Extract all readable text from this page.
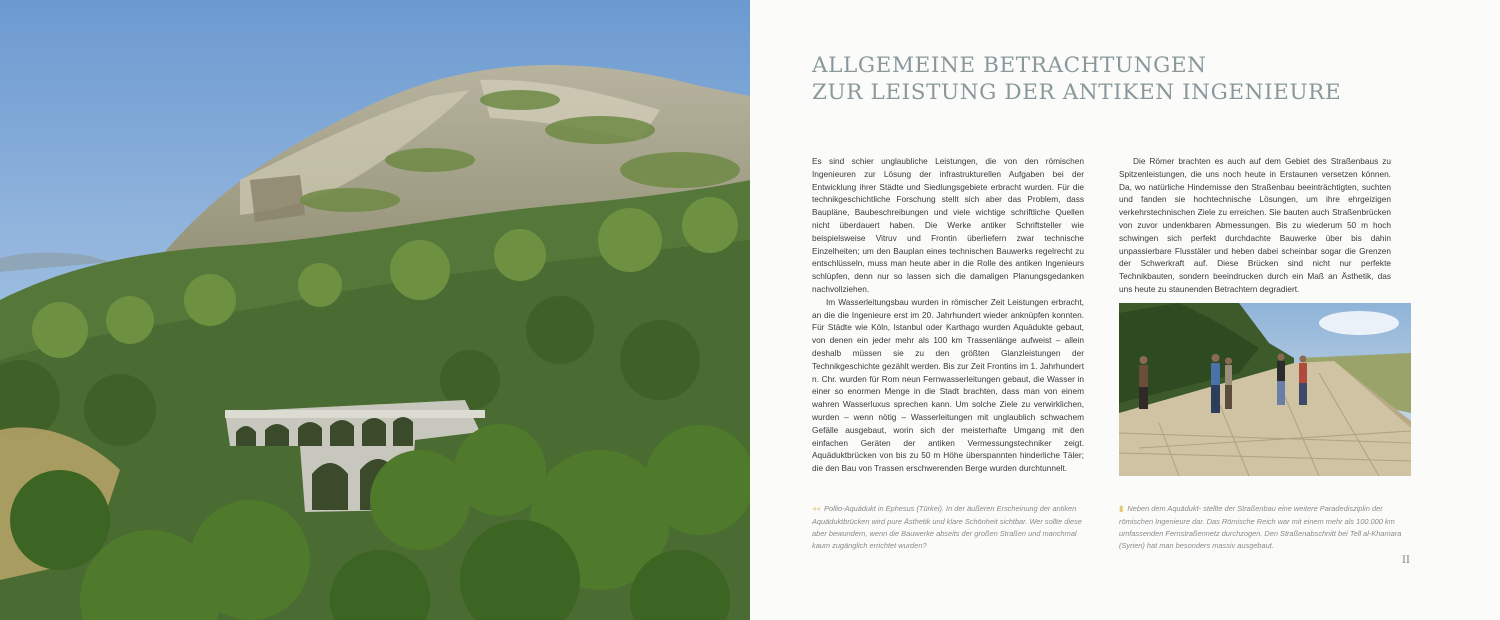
ALLGEMEINE BETRACHTUNGEN
ZUR LEISTUNG DER ANTIKEN INGENIEURE

Es sind schier unglaubliche Leistungen, die von den römischen Ingenieuren zur Lösung der infrastrukturellen Aufgaben bei der Entwicklung ihrer Städte und Siedlungsgebiete erbracht wurden. Für die technikgeschichtliche Forschung stellt sich aber das Problem, dass Baupläne, Baubeschreibungen und viele wichtige schriftliche Quellen nicht überdauert haben. Die Werke antiker Schriftsteller wie beispielsweise Vitruv und Frontin überliefern zwar technische Einzelheiten; um den Bauplan eines technischen Bauwerks regelrecht zu entschlüsseln, muss man heute aber in die Rolle des antiken Ingenieurs schlüpfen, denn nur so lassen sich die damaligen Planungsgedanken nachvollziehen.

Im Wasserleitungsbau wurden in römischer Zeit Leistungen erbracht, an die die Ingenieure erst im 20. Jahrhundert wieder anknüpfen konnten. Für Städte wie Köln, Istanbul oder Karthago wurden Aquädukte gebaut, von denen ein jeder mehr als 100 km Trassenlänge aufweist – allein deshalb müssen sie zu den größten Glanzleistungen der Technikgeschichte gezählt werden. Bis zur Zeit Frontins im 1. Jahrhundert n. Chr. wurden für Rom neun Fernwasserleitungen gebaut, die Wasser in einer so enormen Menge in die Stadt brachten, dass man von einem wahren Wasserluxus sprechen kann. Um solche Ziele zu verwirklichen, wurden – wenn nötig – Wasserleitungen mit unglaublich schwachem Gefälle ausgebaut, worin sich der meisterhafte Umgang mit den einfachen Geräten der antiken Vermessungstechniker zeigt. Aquäduktbrücken von bis zu 50 m Höhe überspannten hinderliche Täler; die den Bau von Trassen erschwerenden Berge wurden durchtunnelt.

Die Römer brachten es auch auf dem Gebiet des Straßenbaus zu Spitzenleistungen, die uns noch heute in Erstaunen versetzen können. Da, wo natürliche Hindernisse den Straßenbau beeinträchtigten, suchten und fanden sie hochtechnische Lösungen, um ihre ehrgeizigen verkehrstechnischen Ziele zu erreichen. Sie bauten auch Straßenbrücken von zuvor undenkbaren Abmessungen. Bis zu wiederum 50 m hoch schwingen sich perfekt durchdachte Bauwerke über bis dahin unpassierbare Flusstäler und heben dabei scheinbar sogar die Grenzen der Schwerkraft auf. Diese Brücken sind nicht nur perfekte Technikbauten, sondern beeindrucken durch ein Maß an Ästhetik, das uns heute zu staunenden Betrachtern degradiert.

◂◂ Pollio-Aquädukt in Ephesus (Türkei). In der äußeren Erscheinung der antiken Aquäduktbrücken wird pure Ästhetik und klare Schönheit sichtbar. Wer sollte diese aber bewundern, wenn die Bauwerke abseits der großen Straßen und manchmal kaum zugänglich errichtet wurden?

▮ Neben dem Aquädukt- stellte der Straßenbau eine weitere Paradedisziplin der römischen Ingenieure dar. Das Römische Reich war mit einem mehr als 100.000 km umfassenden Fernstraßennetz durchzogen. Den Straßenabschnitt bei Tell al-Khamara (Syrien) hat man besonders massiv ausgebaut.

II
